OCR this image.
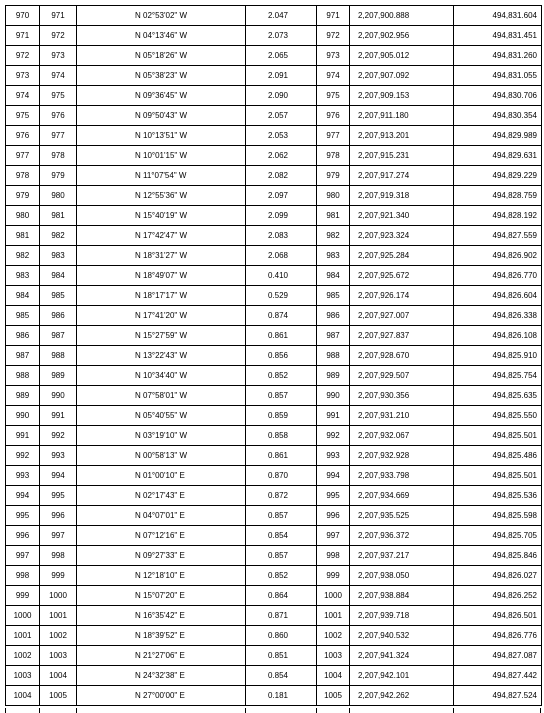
970	971	N 02°53'02" W	2.047	971	2,207,900.888	494,831.604
971	972	N 04°13'46" W	2.073	972	2,207,902.956	494,831.451
972	973	N 05°18'26" W	2.065	973	2,207,905.012	494,831.260
973	974	N 05°38'23" W	2.091	974	2,207,907.092	494,831.055
974	975	N 09°36'45" W	2.090	975	2,207,909.153	494,830.706
975	976	N 09°50'43" W	2.057	976	2,207,911.180	494,830.354
976	977	N 10°13'51" W	2.053	977	2,207,913.201	494,829.989
977	978	N 10°01'15" W	2.062	978	2,207,915.231	494,829.631
978	979	N 11°07'54" W	2.082	979	2,207,917.274	494,829.229
979	980	N 12°55'36" W	2.097	980	2,207,919.318	494,828.759
980	981	N 15°40'19" W	2.099	981	2,207,921.340	494,828.192
981	982	N 17°42'47" W	2.083	982	2,207,923.324	494,827.559
982	983	N 18°31'27" W	2.068	983	2,207,925.284	494,826.902
983	984	N 18°49'07" W	0.410	984	2,207,925.672	494,826.770
984	985	N 18°17'17" W	0.529	985	2,207,926.174	494,826.604
985	986	N 17°41'20" W	0.874	986	2,207,927.007	494,826.338
986	987	N 15°27'59" W	0.861	987	2,207,927.837	494,826.108
987	988	N 13°22'43" W	0.856	988	2,207,928.670	494,825.910
988	989	N 10°34'40" W	0.852	989	2,207,929.507	494,825.754
989	990	N 07°58'01" W	0.857	990	2,207,930.356	494,825.635
990	991	N 05°40'55" W	0.859	991	2,207,931.210	494,825.550
991	992	N 03°19'10" W	0.858	992	2,207,932.067	494,825.501
992	993	N 00°58'13" W	0.861	993	2,207,932.928	494,825.486
993	994	N 01°00'10" E	0.870	994	2,207,933.798	494,825.501
994	995	N 02°17'43" E	0.872	995	2,207,934.669	494,825.536
995	996	N 04°07'01" E	0.857	996	2,207,935.525	494,825.598
996	997	N 07°12'16" E	0.854	997	2,207,936.372	494,825.705
997	998	N 09°27'33" E	0.857	998	2,207,937.217	494,825.846
998	999	N 12°18'10" E	0.852	999	2,207,938.050	494,826.027
999	1000	N 15°07'20" E	0.864	1000	2,207,938.884	494,826.252
1000	1001	N 16°35'42" E	0.871	1001	2,207,939.718	494,826.501
1001	1002	N 18°39'52" E	0.860	1002	2,207,940.532	494,826.776
1002	1003	N 21°27'06" E	0.851	1003	2,207,941.324	494,827.087
1003	1004	N 24°32'38" E	0.854	1004	2,207,942.101	494,827.442
1004	1005	N 27°00'00" E	0.181	1005	2,207,942.262	494,827.524
